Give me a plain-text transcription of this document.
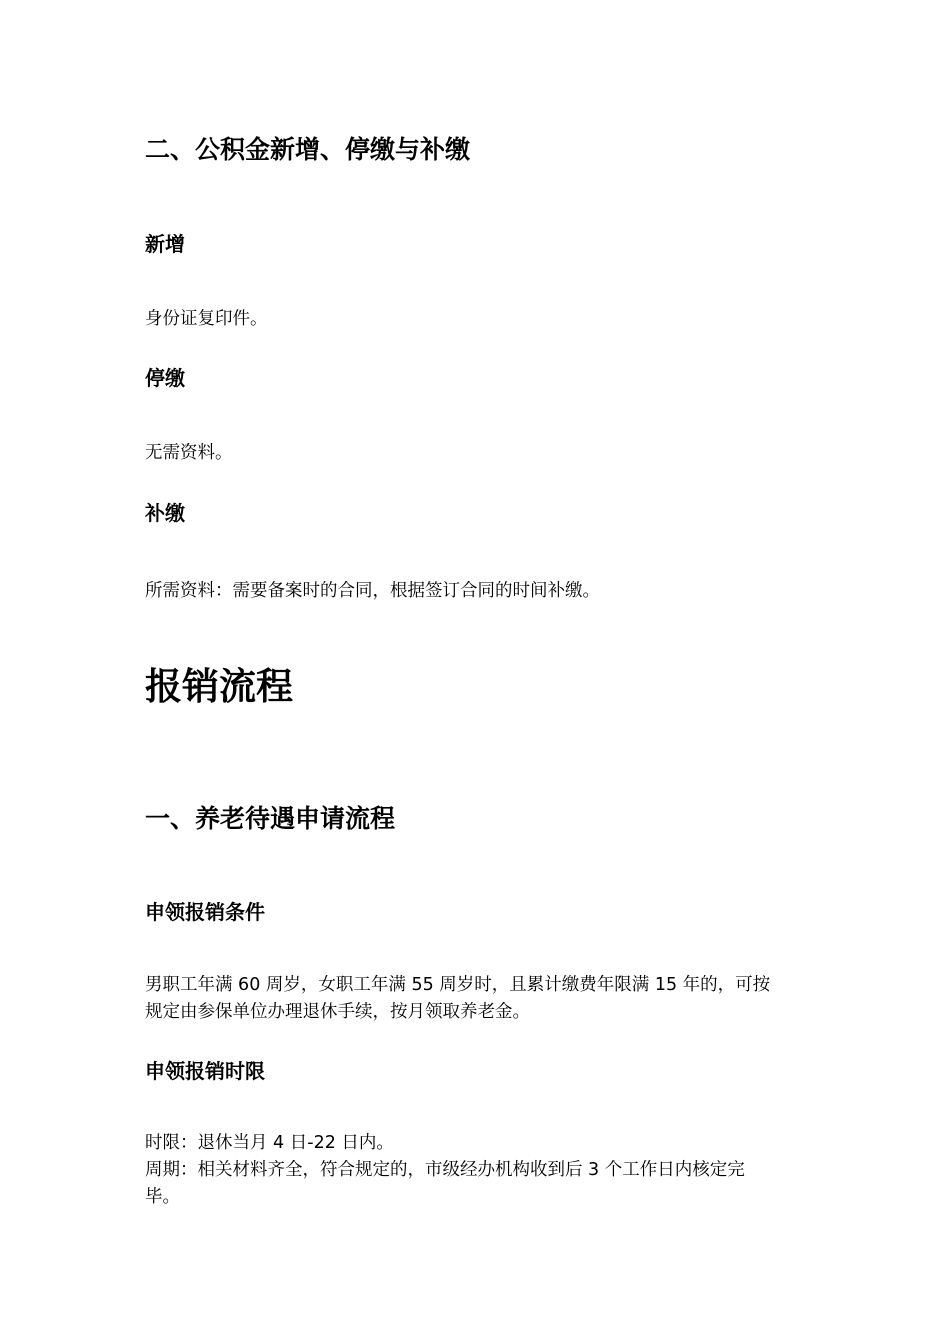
二、公积金新增、停缴与补缴
新增

身份证复印件。

停缴

无需资料。

补缴

所需资料：需要备案时的合同，根据签订合同的时间补缴。

报销流程
一、养老待遇申请流程
申领报销条件

男职工年满 60 周岁，女职工年满 55 周岁时，且累计缴费年限满 15 年的，可按
规定由参保单位办理退休手续，按月领取养老金。

申领报销时限

时限：退休当月 4 日-22 日内。
周期：相关材料齐全，符合规定的，市级经办机构收到后 3 个工作日内核定完
毕。
